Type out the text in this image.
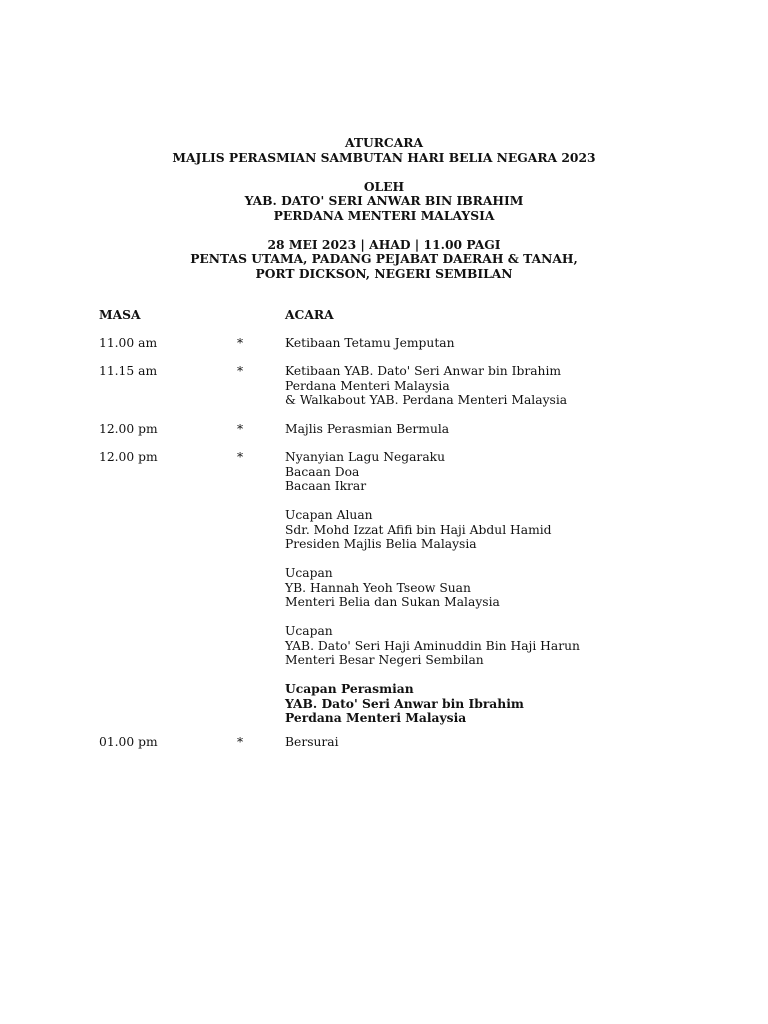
ATURCARA
MAJLIS PERASMIAN SAMBUTAN HARI BELIA NEGARA 2023
OLEH
YAB. DATO' SERI ANWAR BIN IBRAHIM
PERDANA MENTERI MALAYSIA
28 MEI 2023 | AHAD | 11.00 PAGI
PENTAS UTAMA, PADANG PEJABAT DAERAH & TANAH,
PORT DICKSON, NEGERI SEMBILAN
MASA	ACARA
11.00 am	*	Ketibaan Tetamu Jemputan
11.15 am	*	Ketibaan YAB. Dato' Seri Anwar bin Ibrahim
Perdana Menteri Malaysia
& Walkabout YAB. Perdana Menteri Malaysia
12.00 pm	*	Majlis Perasmian Bermula
12.00 pm	*	Nyanyian Lagu Negaraku
Bacaan Doa
Bacaan Ikrar
Ucapan Aluan
Sdr. Mohd Izzat Afifi bin Haji Abdul Hamid
Presiden Majlis Belia Malaysia
Ucapan
YB. Hannah Yeoh Tseow Suan
Menteri Belia dan Sukan Malaysia
Ucapan
YAB. Dato' Seri Haji Aminuddin Bin Haji Harun
Menteri Besar Negeri Sembilan
Ucapan Perasmian
YAB. Dato' Seri Anwar bin Ibrahim
Perdana Menteri Malaysia
01.00 pm	*	Bersurai
